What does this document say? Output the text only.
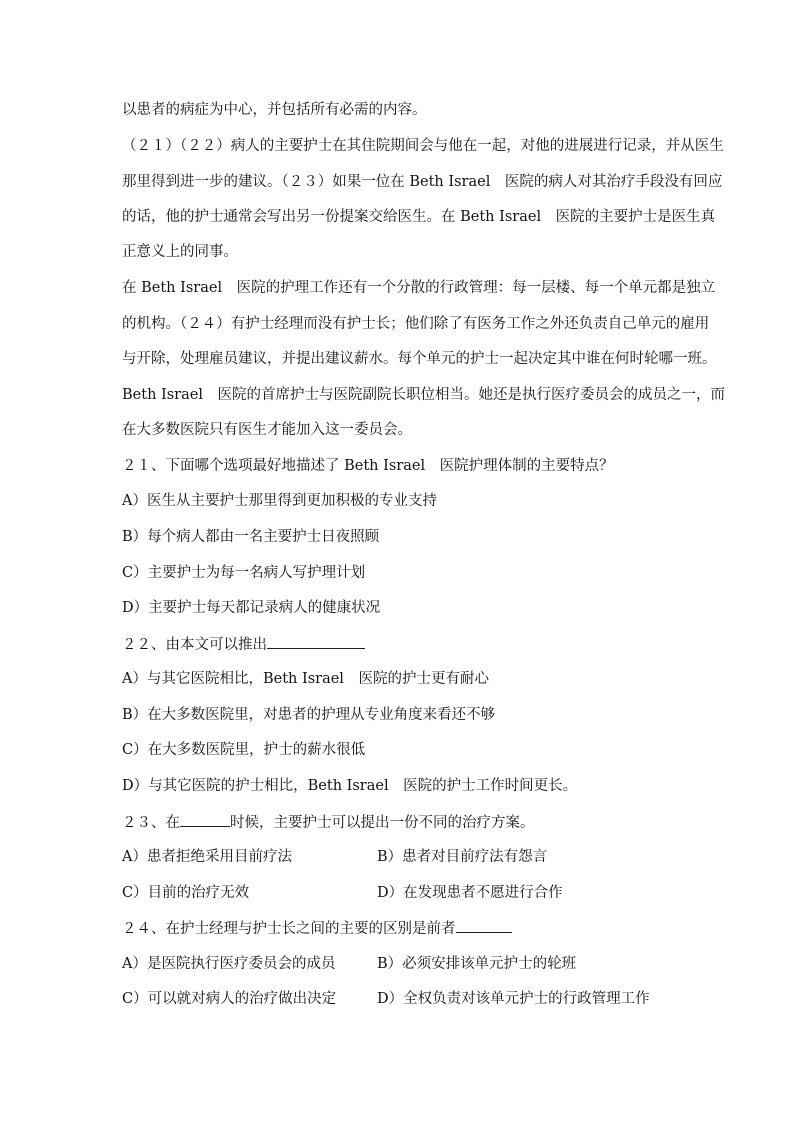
以患者的病症为中心，并包括所有必需的内容。
（２１）（２２）病人的主要护士在其住院期间会与他在一起，对他的进展进行记录，并从医生
那里得到进一步的建议。（２３）如果一位在 Beth Israel　医院的病人对其治疗手段没有回应
的话，他的护士通常会写出另一份提案交给医生。在 Beth Israel　医院的主要护士是医生真
正意义上的同事。
在 Beth Israel　医院的护理工作还有一个分散的行政管理：每一层楼、每一个单元都是独立
的机构。（２４）有护士经理而没有护士长；他们除了有医务工作之外还负责自己单元的雇用
与开除，处理雇员建议，并提出建议薪水。每个单元的护士一起决定其中谁在何时轮哪一班。
Beth Israel　医院的首席护士与医院副院长职位相当。她还是执行医疗委员会的成员之一，而
在大多数医院只有医生才能加入这一委员会。
２１、下面哪个选项最好地描述了 Beth Israel　医院护理体制的主要特点？
A）医生从主要护士那里得到更加积极的专业支持
B）每个病人都由一名主要护士日夜照顾
C）主要护士为每一名病人写护理计划
D）主要护士每天都记录病人的健康状况
２２、由本文可以推出
A）与其它医院相比，Beth Israel　医院的护士更有耐心
B）在大多数医院里，对患者的护理从专业角度来看还不够
C）在大多数医院里，护士的薪水很低
D）与其它医院的护士相比，Beth Israel　医院的护士工作时间更长。
２３、在	时候，主要护士可以提出一份不同的治疗方案。
A）患者拒绝采用目前疗法	B）患者对目前疗法有怨言
C）目前的治疗无效	D）在发现患者不愿进行合作
２４、在护士经理与护士长之间的主要的区别是前者
A）是医院执行医疗委员会的成员	B）必须安排该单元护士的轮班
C）可以就对病人的治疗做出决定	D）全权负责对该单元护士的行政管理工作
